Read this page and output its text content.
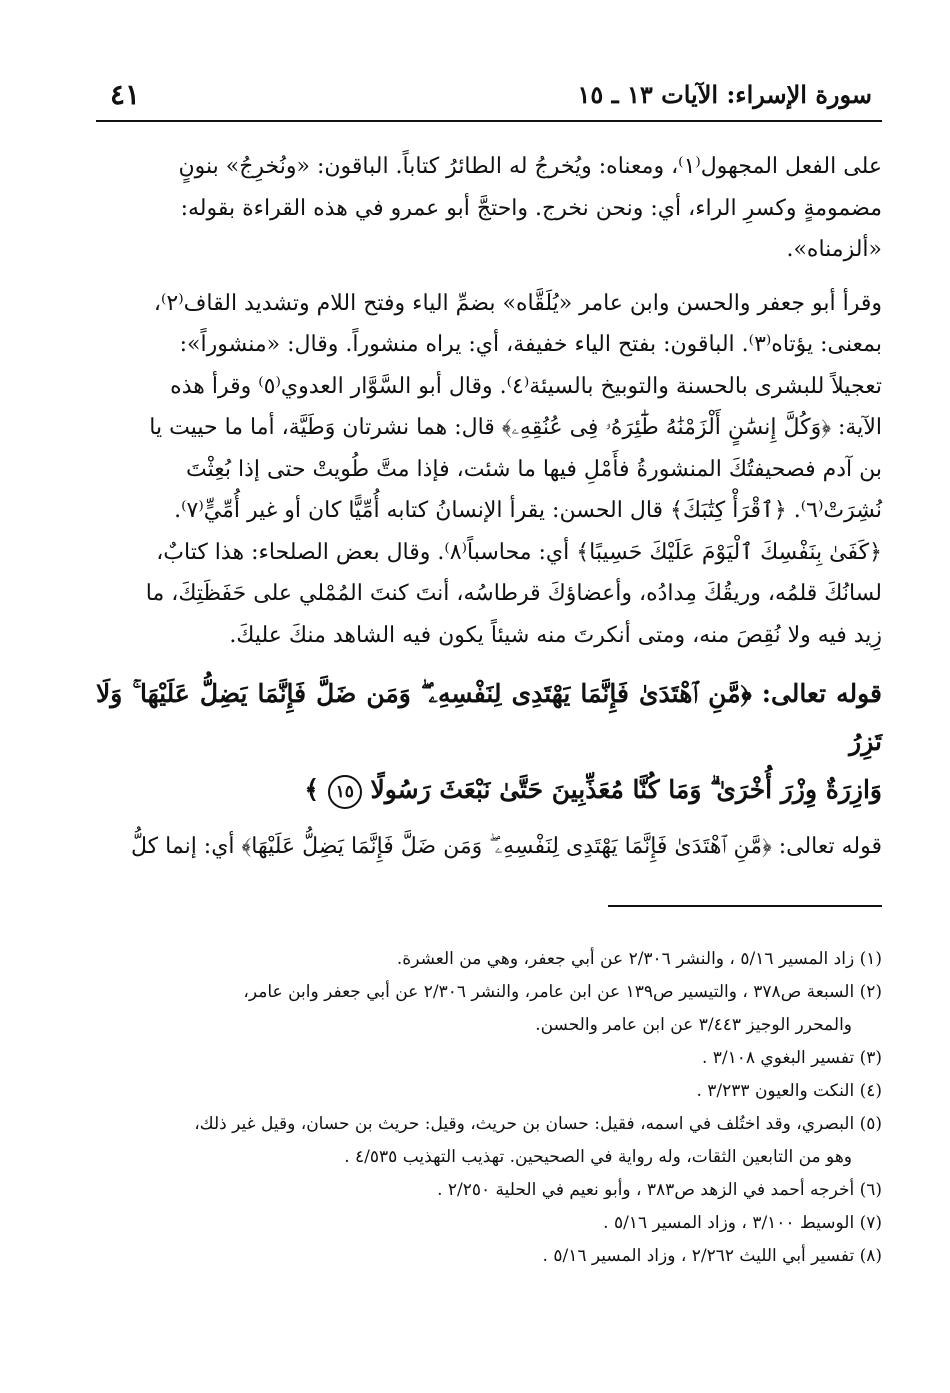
٤١	سورة الإسراء: الآيات ١٣ ـ ١٥

على الفعل المجهول⁽١⁾، ومعناه: ويُخرجُ له الطائرُ كتاباً. الباقون: «ونُخرِجُ» بنونٍ

مضمومةٍ وكسرِ الراء، أي: ونحن نخرج. واحتجَّ أبو عمرو في هذه القراءة بقوله:

«ألزمناه».

وقرأ أبو جعفر والحسن وابن عامر «يُلَقَّاه» بضمِّ الياء وفتح اللام وتشديد القاف⁽٢⁾،

بمعنى: يؤتاه⁽٣⁾. الباقون: بفتح الياء خفيفة، أي: يراه منشوراً. وقال: «منشوراً»:

تعجيلاً للبشرى بالحسنة والتوبيخ بالسيئة⁽٤⁾. وقال أبو السَّوَّار العدوي⁽٥⁾ وقرأ هذه

الآية: ﴿وَكُلَّ إِنسَٰنٍ أَلْزَمْنَٰهُ طَٰٓئِرَهُۥ فِى عُنُقِهِۦ﴾ قال: هما نشرتان وَطَيَّة، أما ما حييت يا

بن آدم فصحيفتُكَ المنشورةُ فأَمْلِ فيها ما شئت، فإذا متَّ طُويتْ حتى إذا بُعِثْتَ

نُشِرَتْ⁽٦⁾. ﴿ٱقْرَأْ كِتَٰبَكَ﴾ قال الحسن: يقرأ الإنسانُ كتابه أُمِّيًّا كان أو غير أُمِّيٍّ⁽٧⁾.

﴿كَفَىٰ بِنَفْسِكَ ٱلْيَوْمَ عَلَيْكَ حَسِيبًا﴾ أي: محاسباً⁽٨⁾. وقال بعض الصلحاء: هذا كتابٌ،

لسانُكَ قلمُه، وريقُكَ مِدادُه، وأعضاؤكَ قرطاسُه، أنتَ كنتَ المُمْلي على حَفَظَتِكَ، ما

زِيد فيه ولا نُقِصَ منه، ومتى أنكرتَ منه شيئاً يكون فيه الشاهد منكَ عليكَ.

قوله تعالى: ﴿مَّنِ ٱهْتَدَىٰ فَإِنَّمَا يَهْتَدِى لِنَفْسِهِۦ ۖ وَمَن ضَلَّ فَإِنَّمَا يَضِلُّ عَلَيْهَا ۚ وَلَا تَزِرُ
وَازِرَةٌ وِزْرَ أُخْرَىٰ ۗ وَمَا كُنَّا مُعَذِّبِينَ حَتَّىٰ نَبْعَثَ رَسُولًا ١٥ ﴾

قوله تعالى: ﴿مَّنِ ٱهْتَدَىٰ فَإِنَّمَا يَهْتَدِى لِنَفْسِهِۦ ۖ وَمَن ضَلَّ فَإِنَّمَا يَضِلُّ عَلَيْهَا﴾ أي: إنما كلُّ

(١) زاد المسير ٥/١٦ ، والنشر ٢/٣٠٦ عن أبي جعفر، وهي من العشرة.

(٢) السبعة ص٣٧٨ ، والتيسير ص١٣٩ عن ابن عامر، والنشر ٢/٣٠٦ عن أبي جعفر وابن عامر،

والمحرر الوجيز ٣/٤٤٣ عن ابن عامر والحسن.

(٣) تفسير البغوي ٣/١٠٨ .

(٤) النكت والعيون ٣/٢٣٣ .

(٥) البصري، وقد اختُلف في اسمه، فقيل: حسان بن حريث، وقيل: حريث بن حسان، وقيل غير ذلك،

وهو من التابعين الثقات، وله رواية في الصحيحين. تهذيب التهذيب ٤/٥٣٥ .

(٦) أخرجه أحمد في الزهد ص٣٨٣ ، وأبو نعيم في الحلية ٢/٢٥٠ .

(٧) الوسيط ٣/١٠٠ ، وزاد المسير ٥/١٦ .

(٨) تفسير أبي الليث ٢/٢٦٢ ، وزاد المسير ٥/١٦ .
